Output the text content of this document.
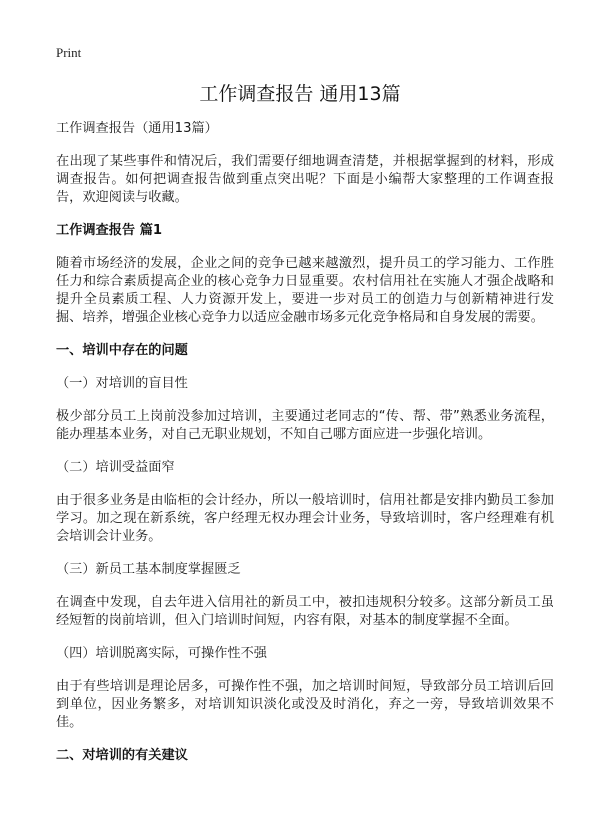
Print
工作调查报告 通用13篇

工作调查报告（通用13篇）

在出现了某些事件和情况后，我们需要仔细地调查清楚，并根据掌握到的材料，形成调查报告。如何把调查报告做到重点突出呢？下面是小编帮大家整理的工作调查报告，欢迎阅读与收藏。

工作调查报告 篇1

随着市场经济的发展，企业之间的竞争已越来越激烈，提升员工的学习能力、工作胜任力和综合素质提高企业的核心竞争力日显重要。农村信用社在实施人才强企战略和提升全员素质工程、人力资源开发上，要进一步对员工的创造力与创新精神进行发掘、培养，增强企业核心竞争力以适应金融市场多元化竞争格局和自身发展的需要。

一、培训中存在的问题

（一）对培训的盲目性

极少部分员工上岗前没参加过培训，主要通过老同志的“传、帮、带”熟悉业务流程，能办理基本业务，对自己无职业规划，不知自己哪方面应进一步强化培训。

（二）培训受益面窄

由于很多业务是由临柜的会计经办，所以一般培训时，信用社都是安排内勤员工参加学习。加之现在新系统，客户经理无权办理会计业务，导致培训时，客户经理难有机会培训会计业务。

（三）新员工基本制度掌握匮乏

在调查中发现，自去年进入信用社的新员工中，被扣违规积分较多。这部分新员工虽经短暂的岗前培训，但入门培训时间短，内容有限，对基本的制度掌握不全面。

（四）培训脱离实际，可操作性不强

由于有些培训是理论居多，可操作性不强，加之培训时间短，导致部分员工培训后回到单位，因业务繁多，对培训知识淡化或没及时消化，弃之一旁，导致培训效果不佳。

二、对培训的有关建议
